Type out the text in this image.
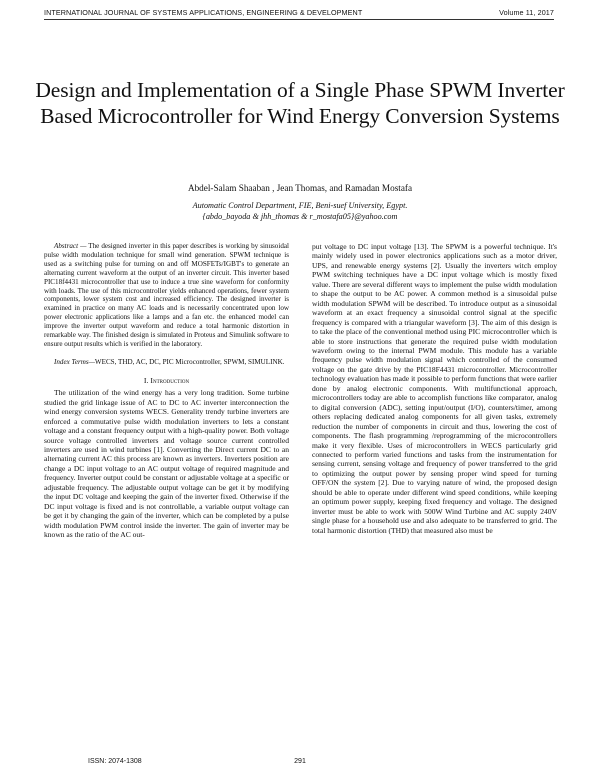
INTERNATIONAL JOURNAL OF SYSTEMS APPLICATIONS, ENGINEERING & DEVELOPMENT	Volume 11, 2017
Design and Implementation of a Single Phase SPWM Inverter Based Microcontroller for Wind Energy Conversion Systems
Abdel-Salam Shaaban , Jean Thomas, and Ramadan Mostafa
Automatic Control Department, FIE, Beni-suef University, Egypt.
{abdo_bayoda & jhh_thomas & r_mostafa05}@yahoo.com

Abstract — The designed inverter in this paper describes is working by sinusoidal pulse width modulation technique for small wind generation. SPWM technique is used as a switching pulse for turning on and off MOSFETs/IGBT's to generate an alternating current waveform at the output of an inverter circuit. This inverter based PIC18f4431 microcontroller that use to induce a true sine waveform for conformity with loads. The use of this microcontroller yields enhanced operations, fewer system components, lower system cost and increased efficiency. The designed inverter is examined in practice on many AC loads and is necessarily concentrated upon low power electronic applications like a lamps and a fan etc. the enhanced model can improve the inverter output waveform and reduce a total harmonic distortion in remarkable way. The finished design is simulated in Proteus and Simulink software to ensure output results which is verified in the laboratory.

Index Terms—WECS, THD, AC, DC, PIC Microcontroller, SPWM, SIMULINK.

I. Introduction

The utilization of the wind energy has a very long tradition. Some turbine studied the grid linkage issue of AC to DC to AC inverter interconnection the wind energy conversion systems WECS. Generality trendy turbine inverters are enforced a commutative pulse width modulation inverters to lets a constant voltage and a constant frequency output with a high-quality power. Both voltage source voltage controlled inverters and voltage source current controlled inverters are used in wind turbines [1]. Converting the Direct current DC to an alternating current AC this process are known as inverters. Inverters position are change a DC input voltage to an AC output voltage of required magnitude and frequency. Inverter output could be constant or adjustable voltage at a specific or adjustable frequency. The adjustable output voltage can be get it by modifying the input DC voltage and keeping the gain of the inverter fixed. Otherwise if the DC input voltage is fixed and is not controllable, a variable output voltage can be get it by changing the gain of the inverter, which can be completed by a pulse width modulation PWM control inside the inverter. The gain of inverter may be known as the ratio of the AC out-

put voltage to DC input voltage [13]. The SPWM is a powerful technique. It's mainly widely used in power electronics applications such as a motor driver, UPS, and renewable energy systems [2]. Usually the inverters witch employ PWM switching techniques have a DC input voltage which is mostly fixed value. There are several different ways to implement the pulse width modulation to shape the output to be AC power. A common method is a sinusoidal pulse width modulation SPWM will be described. To introduce output as a sinusoidal waveform at an exact frequency a sinusoidal control signal at the specific frequency is compared with a triangular waveform [3]. The aim of this design is to take the place of the conventional method using PIC microcontroller which is able to store instructions that generate the required pulse width modulation waveform owing to the internal PWM module. This module has a variable frequency pulse width modulation signal which controlled of the consumed voltage on the gate drive by the PIC18F4431 microcontroller. Microcontroller technology evaluation has made it possible to perform functions that were earlier done by analog electronic components. With multifunctional approach, microcontrollers today are able to accomplish functions like comparator, analog to digital conversion (ADC), setting input/output (I/O), counters/timer, among others replacing dedicated analog components for all given tasks, extremely reduction the number of components in circuit and thus, lowering the cost of components. The flash programming /reprogramming of the microcontrollers make it very flexible. Uses of microcontrollers in WECS particularly grid connected to perform varied functions and tasks from the instrumentation for sensing current, sensing voltage and frequency of power transferred to the grid to optimizing the output power by sensing proper wind speed for turning OFF/ON the system [2]. Due to varying nature of wind, the proposed design should be able to operate under different wind speed conditions, while keeping an optimum power supply, keeping fixed frequency and voltage. The designed inverter must be able to work with 500W Wind Turbine and AC supply 240V single phase for a household use and also adequate to be transferred to grid. The total harmonic distortion (THD) that measured also must be

ISSN: 2074-1308	291
